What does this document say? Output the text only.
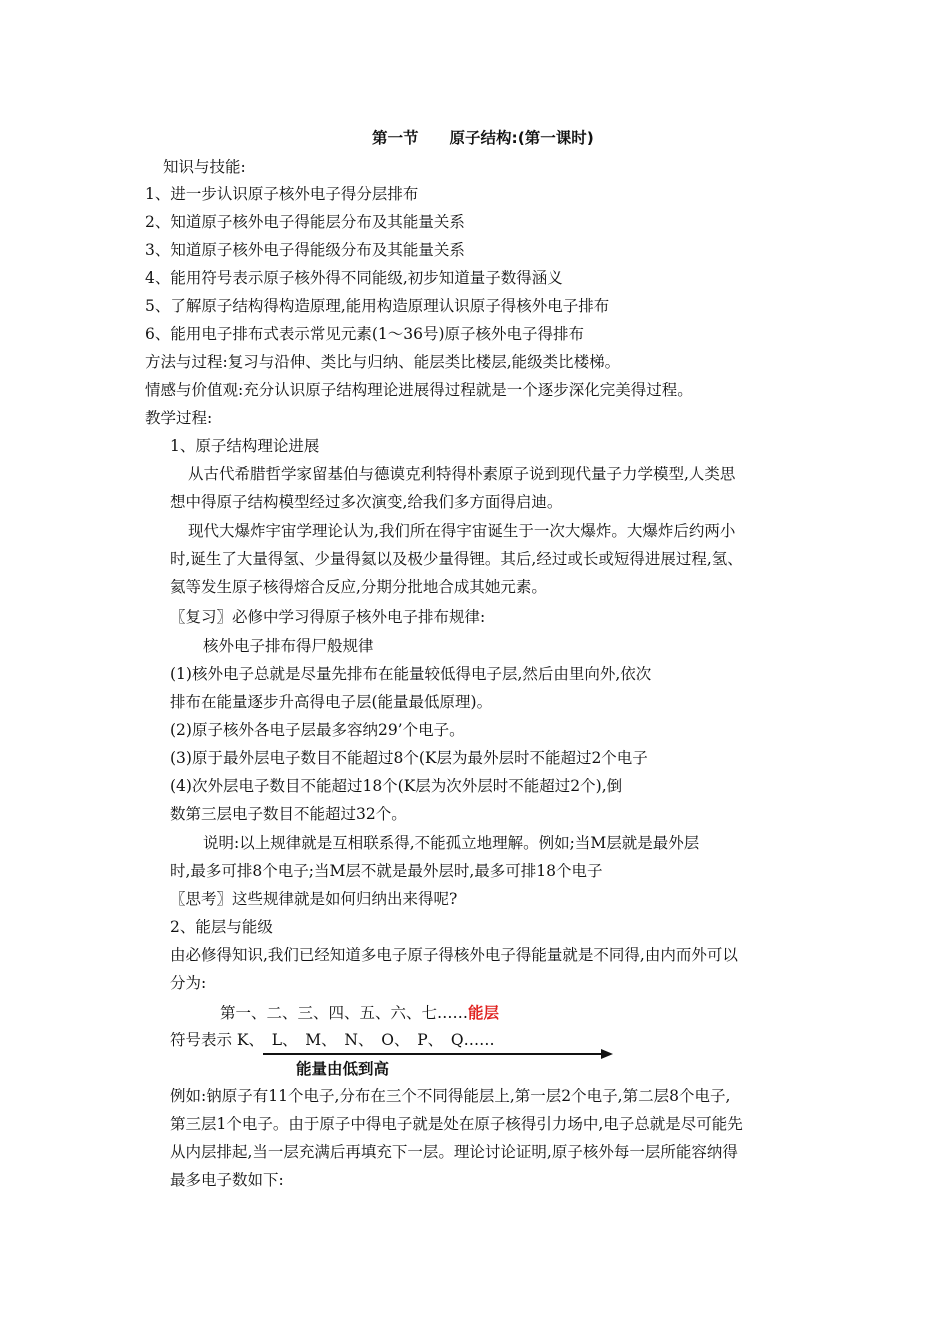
第一节　　原子结构:(第一课时)
知识与技能:
1、进一步认识原子核外电子得分层排布
2、知道原子核外电子得能层分布及其能量关系
3、知道原子核外电子得能级分布及其能量关系
4、能用符号表示原子核外得不同能级,初步知道量子数得涵义
5、了解原子结构得构造原理,能用构造原理认识原子得核外电子排布
6、能用电子排布式表示常见元素(1～36号)原子核外电子得排布
方法与过程:复习与沿伸、类比与归纳、能层类比楼层,能级类比楼梯。
情感与价值观:充分认识原子结构理论进展得过程就是一个逐步深化完美得过程。
教学过程:
1、原子结构理论进展
从古代希腊哲学家留基伯与德谟克利特得朴素原子说到现代量子力学模型,人类思
想中得原子结构模型经过多次演变,给我们多方面得启迪。
现代大爆炸宇宙学理论认为,我们所在得宇宙诞生于一次大爆炸。大爆炸后约两小
时,诞生了大量得氢、少量得氦以及极少量得锂。其后,经过或长或短得进展过程,氢、
氦等发生原子核得熔合反应,分期分批地合成其她元素。
〖复习〗必修中学习得原子核外电子排布规律:
核外电子排布得尸般规律
(1)核外电子总就是尽量先排布在能量较低得电子层,然后由里向外,依次
排布在能量逐步升高得电子层(能量最低原理)。
(2)原子核外各电子层最多容纳29’个电子。
(3)原于最外层电子数目不能超过8个(K层为最外层时不能超过2个电子
(4)次外层电子数目不能超过18个(K层为次外层时不能超过2个),倒
数第三层电子数目不能超过32个。
说明:以上规律就是互相联系得,不能孤立地理解。例如;当M层就是最外层
时,最多可排8个电子;当M层不就是最外层时,最多可排18个电子
〖思考〗这些规律就是如何归纳出来得呢?
2、能层与能级
由必修得知识,我们已经知道多电子原子得核外电子得能量就是不同得,由内而外可以
分为:
第一、二、三、四、五、六、七……能层
符号表示 K、　L、　M、　N、　O、　P、　Q……
能量由低到高
例如:钠原子有11个电子,分布在三个不同得能层上,第一层2个电子,第二层8个电子,
第三层1个电子。由于原子中得电子就是处在原子核得引力场中,电子总就是尽可能先
从内层排起,当一层充满后再填充下一层。理论讨论证明,原子核外每一层所能容纳得
最多电子数如下:
